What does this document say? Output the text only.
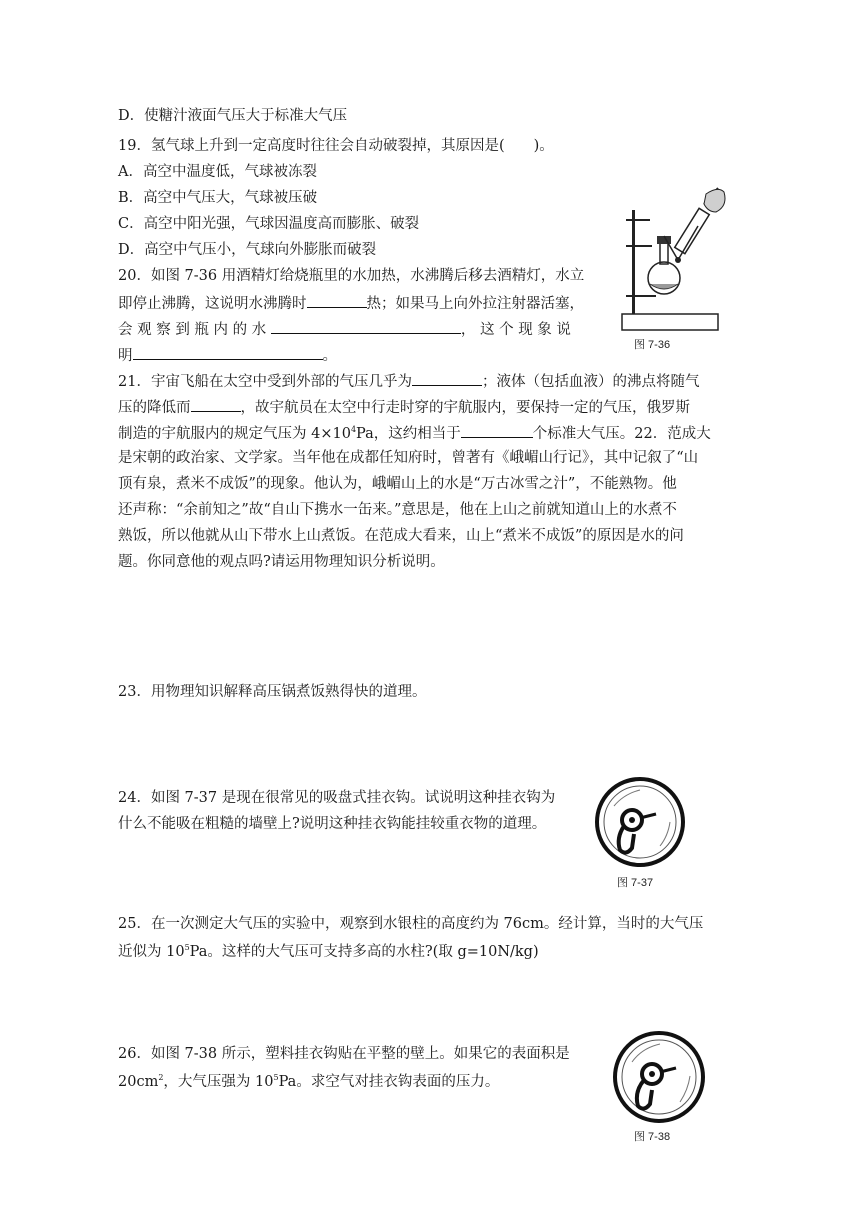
D．使糖汁液面气压大于标准大气压
19．氢气球上升到一定高度时往往会自动破裂掉，其原因是(　　)。
A．高空中温度低，气球被冻裂
B．高空中气压大，气球被压破
C．高空中阳光强，气球因温度高而膨胀、破裂
D．高空中气压小，气球向外膨胀而破裂
20．如图 7-36 用酒精灯给烧瓶里的水加热，水沸腾后移去酒精灯，水立
即停止沸腾，这说明水沸腾时	热；如果马上向外拉注射器活塞，
会 观 察 到 瓶 内 的 水	， 这 个 现 象 说
明	。
图 7-36
21．宇宙飞船在太空中受到外部的气压几乎为	；液体（包括血液）的沸点将随气
压的降低而	，故宇航员在太空中行走时穿的宇航服内，要保持一定的气压，俄罗斯
制造的宇航服内的规定气压为 $4\times 10^4Pa$，这约相当于	个标准大气压。22．范成大
是宋朝的政治家、文学家。当年他在成都任知府时，曾著有《峨嵋山行记》，其中记叙了“山
顶有泉，煮米不成饭”的现象。他认为，峨嵋山上的水是“万古冰雪之汁”，不能熟物。他
还声称：“余前知之”故“自山下携水一缶来。”意思是，他在上山之前就知道山上的水煮不
熟饭，所以他就从山下带水上山煮饭。在范成大看来，山上“煮米不成饭”的原因是水的问
题。你同意他的观点吗?请运用物理知识分析说明。
23．用物理知识解释高压锅煮饭熟得快的道理。
24．如图 7-37 是现在很常见的吸盘式挂衣钩。试说明这种挂衣钩为
什么不能吸在粗糙的墙壁上?说明这种挂衣钩能挂较重衣物的道理。
图 7-37
25．在一次测定大气压的实验中，观察到水银柱的高度约为 76cm。经计算，当时的大气压
近似为 $10^5Pa$。这样的大气压可支持多高的水柱?(取 g=10N/kg)
26．如图 7-38 所示，塑料挂衣钩贴在平整的壁上。如果它的表面积是
$20cm^2$，大气压强为 $10^5Pa$。求空气对挂衣钩表面的压力。
图 7-38
